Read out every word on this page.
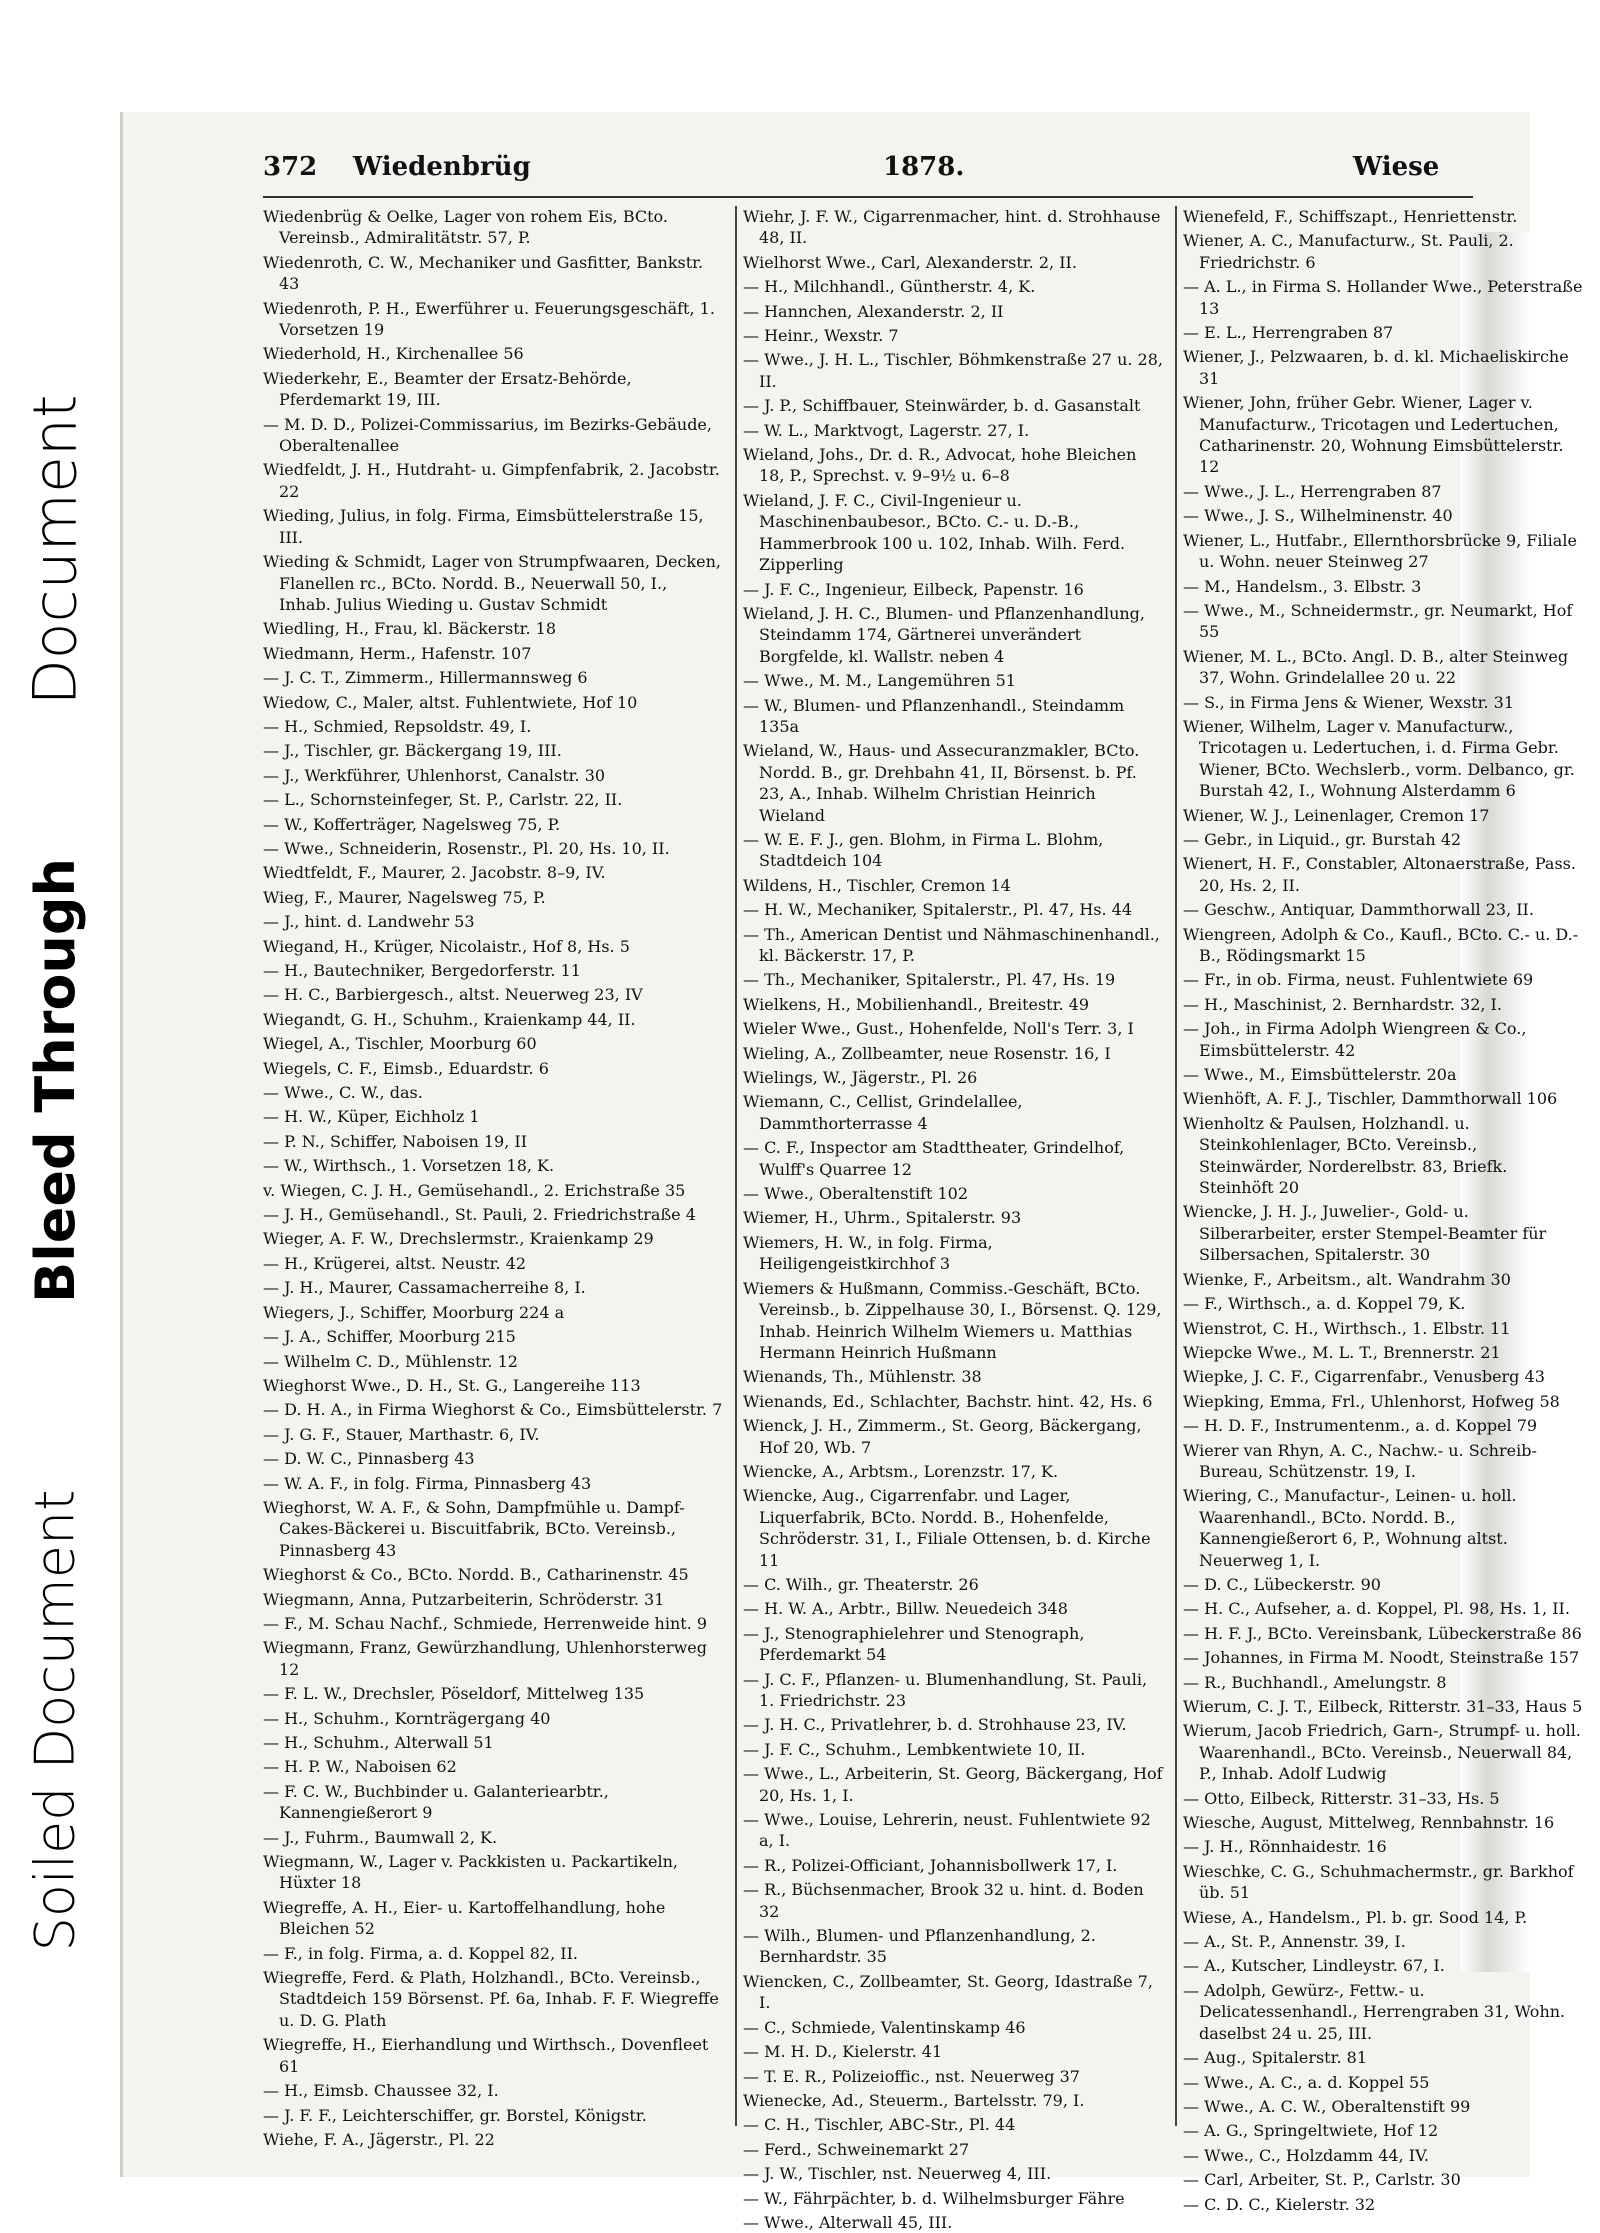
Document
Bleed Through
Soiled Document
372 Wiedenbrüg	1878.	Wiese
Wiedenbrüg & Oelke, Lager von rohem Eis, BCto. Vereinsb., Admiralitätstr. 57, P.
Wiedenroth, C. W., Mechaniker und Gasfitter, Bankstr. 43
Wiedenroth, P. H., Ewerführer u. Feuerungsgeschäft, 1. Vorsetzen 19
Wiederhold, H., Kirchenallee 56
Wiederkehr, E., Beamter der Ersatz-Behörde, Pferdemarkt 19, III.
— M. D. D., Polizei-Commissarius, im Bezirks-Gebäude, Oberaltenallee
Wiedfeldt, J. H., Hutdraht- u. Gimpfenfabrik, 2. Jacobstr. 22
Wieding, Julius, in folg. Firma, Eimsbüttelerstraße 15, III.
Wieding & Schmidt, Lager von Strumpfwaaren, Decken, Flanellen rc., BCto. Nordd. B., Neuerwall 50, I., Inhab. Julius Wieding u. Gustav Schmidt
Wiedling, H., Frau, kl. Bäckerstr. 18
Wiedmann, Herm., Hafenstr. 107
— J. C. T., Zimmerm., Hillermannsweg 6
Wiedow, C., Maler, altst. Fuhlentwiete, Hof 10
— H., Schmied, Repsoldstr. 49, I.
— J., Tischler, gr. Bäckergang 19, III.
— J., Werkführer, Uhlenhorst, Canalstr. 30
— L., Schornsteinfeger, St. P., Carlstr. 22, II.
— W., Kofferträger, Nagelsweg 75, P.
— Wwe., Schneiderin, Rosenstr., Pl. 20, Hs. 10, II.
Wiedtfeldt, F., Maurer, 2. Jacobstr. 8–9, IV.
Wieg, F., Maurer, Nagelsweg 75, P.
— J., hint. d. Landwehr 53
Wiegand, H., Krüger, Nicolaistr., Hof 8, Hs. 5
— H., Bautechniker, Bergedorferstr. 11
— H. C., Barbiergesch., altst. Neuerweg 23, IV
Wiegandt, G. H., Schuhm., Kraienkamp 44, II.
Wiegel, A., Tischler, Moorburg 60
Wiegels, C. F., Eimsb., Eduardstr. 6
— Wwe., C. W., das.
— H. W., Küper, Eichholz 1
— P. N., Schiffer, Naboisen 19, II
— W., Wirthsch., 1. Vorsetzen 18, K.
v. Wiegen, C. J. H., Gemüsehandl., 2. Erichstraße 35
— J. H., Gemüsehandl., St. Pauli, 2. Friedrichstraße 4
Wieger, A. F. W., Drechslermstr., Kraienkamp 29
— H., Krügerei, altst. Neustr. 42
— J. H., Maurer, Cassamacherreihe 8, I.
Wiegers, J., Schiffer, Moorburg 224 a
— J. A., Schiffer, Moorburg 215
— Wilhelm C. D., Mühlenstr. 12
Wieghorst Wwe., D. H., St. G., Langereihe 113
— D. H. A., in Firma Wieghorst & Co., Eimsbüttelerstr. 7
— J. G. F., Stauer, Marthastr. 6, IV.
— D. W. C., Pinnasberg 43
— W. A. F., in folg. Firma, Pinnasberg 43
Wieghorst, W. A. F., & Sohn, Dampfmühle u. Dampf-Cakes-Bäckerei u. Biscuitfabrik, BCto. Vereinsb., Pinnasberg 43
Wieghorst & Co., BCto. Nordd. B., Catharinenstr. 45
Wiegmann, Anna, Putzarbeiterin, Schröderstr. 31
— F., M. Schau Nachf., Schmiede, Herrenweide hint. 9
Wiegmann, Franz, Gewürzhandlung, Uhlenhorsterweg 12
— F. L. W., Drechsler, Pöseldorf, Mittelweg 135
— H., Schuhm., Kornträgergang 40
— H., Schuhm., Alterwall 51
— H. P. W., Naboisen 62
— F. C. W., Buchbinder u. Galanteriearbtr., Kannengießerort 9
— J., Fuhrm., Baumwall 2, K.
Wiegmann, W., Lager v. Packkisten u. Packartikeln, Hüxter 18
Wiegreffe, A. H., Eier- u. Kartoffelhandlung, hohe Bleichen 52
— F., in folg. Firma, a. d. Koppel 82, II.
Wiegreffe, Ferd. & Plath, Holzhandl., BCto. Vereinsb., Stadtdeich 159 Börsenst. Pf. 6a, Inhab. F. F. Wiegreffe u. D. G. Plath
Wiegreffe, H., Eierhandlung und Wirthsch., Dovenfleet 61
— H., Eimsb. Chaussee 32, I.
— J. F. F., Leichterschiffer, gr. Borstel, Königstr.
Wiehe, F. A., Jägerstr., Pl. 22
Wiehr, J. F. W., Cigarrenmacher, hint. d. Strohhause 48, II.
Wielhorst Wwe., Carl, Alexanderstr. 2, II.
— H., Milchhandl., Güntherstr. 4, K.
— Hannchen, Alexanderstr. 2, II
— Heinr., Wexstr. 7
— Wwe., J. H. L., Tischler, Böhmkenstraße 27 u. 28, II.
— J. P., Schiffbauer, Steinwärder, b. d. Gasanstalt
— W. L., Marktvogt, Lagerstr. 27, I.
Wieland, Johs., Dr. d. R., Advocat, hohe Bleichen 18, P., Sprechst. v. 9–9½ u. 6–8
Wieland, J. F. C., Civil-Ingenieur u. Maschinenbaubesor., BCto. C.- u. D.-B., Hammerbrook 100 u. 102, Inhab. Wilh. Ferd. Zipperling
— J. F. C., Ingenieur, Eilbeck, Papenstr. 16
Wieland, J. H. C., Blumen- und Pflanzenhandlung, Steindamm 174, Gärtnerei unverändert Borgfelde, kl. Wallstr. neben 4
— Wwe., M. M., Langemühren 51
— W., Blumen- und Pflanzenhandl., Steindamm 135a
Wieland, W., Haus- und Assecuranzmakler, BCto. Nordd. B., gr. Drehbahn 41, II, Börsenst. b. Pf. 23, A., Inhab. Wilhelm Christian Heinrich Wieland
— W. E. F. J., gen. Blohm, in Firma L. Blohm, Stadtdeich 104
Wildens, H., Tischler, Cremon 14
— H. W., Mechaniker, Spitalerstr., Pl. 47, Hs. 44
— Th., American Dentist und Nähmaschinenhandl., kl. Bäckerstr. 17, P.
— Th., Mechaniker, Spitalerstr., Pl. 47, Hs. 19
Wielkens, H., Mobilienhandl., Breitestr. 49
Wieler Wwe., Gust., Hohenfelde, Noll's Terr. 3, I
Wieling, A., Zollbeamter, neue Rosenstr. 16, I
Wielings, W., Jägerstr., Pl. 26
Wiemann, C., Cellist, Grindelallee, Dammthorterrasse 4
— C. F., Inspector am Stadttheater, Grindelhof, Wulff's Quarree 12
— Wwe., Oberaltenstift 102
Wiemer, H., Uhrm., Spitalerstr. 93
Wiemers, H. W., in folg. Firma, Heiligengeistkirchhof 3
Wiemers & Hußmann, Commiss.-Geschäft, BCto. Vereinsb., b. Zippelhause 30, I., Börsenst. Q. 129, Inhab. Heinrich Wilhelm Wiemers u. Matthias Hermann Heinrich Hußmann
Wienands, Th., Mühlenstr. 38
Wienands, Ed., Schlachter, Bachstr. hint. 42, Hs. 6
Wienck, J. H., Zimmerm., St. Georg, Bäckergang, Hof 20, Wb. 7
Wiencke, A., Arbtsm., Lorenzstr. 17, K.
Wiencke, Aug., Cigarrenfabr. und Lager, Liquerfabrik, BCto. Nordd. B., Hohenfelde, Schröderstr. 31, I., Filiale Ottensen, b. d. Kirche 11
— C. Wilh., gr. Theaterstr. 26
— H. W. A., Arbtr., Billw. Neuedeich 348
— J., Stenographielehrer und Stenograph, Pferdemarkt 54
— J. C. F., Pflanzen- u. Blumenhandlung, St. Pauli, 1. Friedrichstr. 23
— J. H. C., Privatlehrer, b. d. Strohhause 23, IV.
— J. F. C., Schuhm., Lembkentwiete 10, II.
— Wwe., L., Arbeiterin, St. Georg, Bäckergang, Hof 20, Hs. 1, I.
— Wwe., Louise, Lehrerin, neust. Fuhlentwiete 92 a, I.
— R., Polizei-Officiant, Johannisbollwerk 17, I.
— R., Büchsenmacher, Brook 32 u. hint. d. Boden 32
— Wilh., Blumen- und Pflanzenhandlung, 2. Bernhardstr. 35
Wiencken, C., Zollbeamter, St. Georg, Idastraße 7, I.
— C., Schmiede, Valentinskamp 46
— M. H. D., Kielerstr. 41
— T. E. R., Polizeioffic., nst. Neuerweg 37
Wienecke, Ad., Steuerm., Bartelsstr. 79, I.
— C. H., Tischler, ABC-Str., Pl. 44
— Ferd., Schweinemarkt 27
— J. W., Tischler, nst. Neuerweg 4, III.
— W., Fährpächter, b. d. Wilhelmsburger Fähre
— Wwe., Alterwall 45, III.
Wienefeld, F., Schiffszapt., Henriettenstr.
Wiener, A. C., Manufacturw., St. Pauli, 2. Friedrichstr. 6
— A. L., in Firma S. Hollander Wwe., Peterstraße 13
— E. L., Herrengraben 87
Wiener, J., Pelzwaaren, b. d. kl. Michaeliskirche 31
Wiener, John, früher Gebr. Wiener, Lager v. Manufacturw., Tricotagen und Ledertuchen, Catharinenstr. 20, Wohnung Eimsbüttelerstr. 12
— Wwe., J. L., Herrengraben 87
— Wwe., J. S., Wilhelminenstr. 40
Wiener, L., Hutfabr., Ellernthorsbrücke 9, Filiale u. Wohn. neuer Steinweg 27
— M., Handelsm., 3. Elbstr. 3
— Wwe., M., Schneidermstr., gr. Neumarkt, Hof 55
Wiener, M. L., BCto. Angl. D. B., alter Steinweg 37, Wohn. Grindelallee 20 u. 22
— S., in Firma Jens & Wiener, Wexstr. 31
Wiener, Wilhelm, Lager v. Manufacturw., Tricotagen u. Ledertuchen, i. d. Firma Gebr. Wiener, BCto. Wechslerb., vorm. Delbanco, gr. Burstah 42, I., Wohnung Alsterdamm 6
Wiener, W. J., Leinenlager, Cremon 17
— Gebr., in Liquid., gr. Burstah 42
Wienert, H. F., Constabler, Altonaerstraße, Pass. 20, Hs. 2, II.
— Geschw., Antiquar, Dammthorwall 23, II.
Wiengreen, Adolph & Co., Kaufl., BCto. C.- u. D.-B., Rödingsmarkt 15
— Fr., in ob. Firma, neust. Fuhlentwiete 69
— H., Maschinist, 2. Bernhardstr. 32, I.
— Joh., in Firma Adolph Wiengreen & Co., Eimsbüttelerstr. 42
— Wwe., M., Eimsbüttelerstr. 20a
Wienhöft, A. F. J., Tischler, Dammthorwall 106
Wienholtz & Paulsen, Holzhandl. u. Steinkohlenlager, BCto. Vereinsb., Steinwärder, Norderelbstr. 83, Briefk. Steinhöft 20
Wiencke, J. H. J., Juwelier-, Gold- u. Silberarbeiter, erster Stempel-Beamter für Silbersachen, Spitalerstr. 30
Wienke, F., Arbeitsm., alt. Wandrahm 30
— F., Wirthsch., a. d. Koppel 79, K.
Wienstrot, C. H., Wirthsch., 1. Elbstr. 11
Wiepcke Wwe., M. L. T., Brennerstr. 21
Wiepke, J. C. F., Cigarrenfabr., Venusberg 43
Wiepking, Emma, Frl., Uhlenhorst, Hofweg 58
— H. D. F., Instrumentenm., a. d. Koppel 79
Wierer van Rhyn, A. C., Nachw.- u. Schreib-Bureau, Schützenstr. 19, I.
Wiering, C., Manufactur-, Leinen- u. holl. Waarenhandl., BCto. Nordd. B., Kannengießerort 6, P., Wohnung altst. Neuerweg 1, I.
— D. C., Lübeckerstr. 90
— H. C., Aufseher, a. d. Koppel, Pl. 98, Hs. 1, II.
— H. F. J., BCto. Vereinsbank, Lübeckerstraße 86
— Johannes, in Firma M. Noodt, Steinstraße 157
— R., Buchhandl., Amelungstr. 8
Wierum, C. J. T., Eilbeck, Ritterstr. 31–33, Haus 5
Wierum, Jacob Friedrich, Garn-, Strumpf- u. holl. Waarenhandl., BCto. Vereinsb., Neuerwall 84, P., Inhab. Adolf Ludwig
— Otto, Eilbeck, Ritterstr. 31–33, Hs. 5
Wiesche, August, Mittelweg, Rennbahnstr. 16
— J. H., Rönnhaidestr. 16
Wieschke, C. G., Schuhmachermstr., gr. Barkhof üb. 51
Wiese, A., Handelsm., Pl. b. gr. Sood 14, P.
— A., St. P., Annenstr. 39, I.
— A., Kutscher, Lindleystr. 67, I.
— Adolph, Gewürz-, Fettw.- u. Delicatessenhandl., Herrengraben 31, Wohn. daselbst 24 u. 25, III.
— Aug., Spitalerstr. 81
— Wwe., A. C., a. d. Koppel 55
— Wwe., A. C. W., Oberaltenstift 99
— A. G., Springeltwiete, Hof 12
— Wwe., C., Holzdamm 44, IV.
— Carl, Arbeiter, St. P., Carlstr. 30
— C. D. C., Kielerstr. 32
